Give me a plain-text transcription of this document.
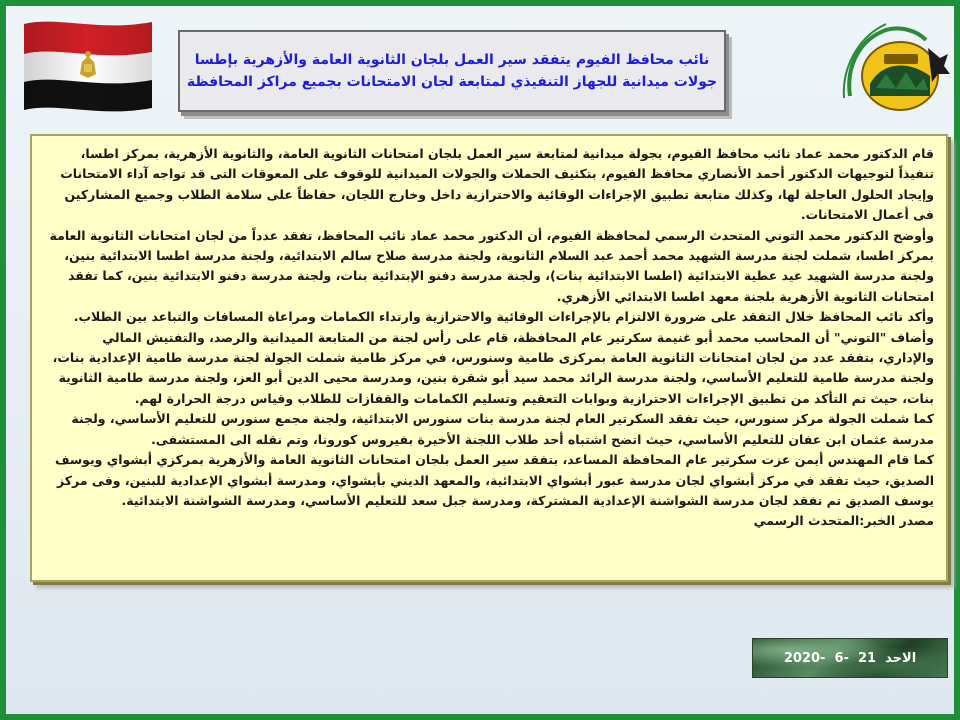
نائب محافظ الفيوم يتفقد سير العمل بلجان الثانوية العامة والأزهرية بإطسا
جولات ميدانية للجهاز التنفيذي لمتابعة لجان الامتحانات بجميع مراكز المحافظة

قام الدكتور محمد عماد نائب محافظ الفيوم، بجولة ميدانية لمتابعة سير العمل بلجان امتحانات الثانوية العامة، والثانوية الأزهرية، بمركز اطسا، تنفيذاً لتوجيهات الدكتور أحمد الأنصاري محافظ الفيوم، بتكثيف الحملات والجولات الميدانية للوقوف على المعوقات التى قد تواجه آداء الامتحانات وإيجاد الحلول العاجلة لها، وكذلك متابعة تطبيق الإجراءات الوقائية والاحترازية داخل وخارج اللجان، حفاظاً على سلامة الطلاب وجميع المشاركين فى أعمال الامتحانات.

وأوضح الدكتور محمد التوني المتحدث الرسمي لمحافظة الفيوم، أن الدكتور محمد عماد نائب المحافظ، تفقد عدداً من لجان امتحانات الثانوية العامة بمركز اطسا، شملت لجنة مدرسة الشهيد محمد أحمد عبد السلام الثانوية، ولجنة مدرسة صلاح سالم الابتدائية، ولجنة مدرسة اطسا الابتدائية بنين، ولجنة مدرسة الشهيد عيد عطية الابتدائية (اطسا الابتدائية بنات)، ولجنة مدرسة دفنو الإبتدائية بنات، ولجنة مدرسة دفنو الابتدائية بنين، كما تفقد امتحانات الثانوية الأزهرية بلجنة معهد اطسا الابتدائي الأزهري.

وأكد نائب المحافظ خلال التفقد على ضرورة الالتزام بالإجراءات الوقائية والاحترازية وارتداء الكمامات ومراعاة المسافات والتباعد بين الطلاب.

وأضاف "التوني" أن المحاسب محمد أبو غنيمة سكرتير عام المحافظة، قام على رأس لجنة من المتابعة الميدانية والرصد، والتفتيش المالي والإداري، بتفقد عدد من لجان امتحانات الثانوية العامة بمركزى طامية وسنورس، في مركز طامية شملت الجولة لجنة مدرسة طامية الإعدادية بنات، ولجنة مدرسة طامية للتعليم الأساسي، ولجنة مدرسة الرائد محمد سيد أبو شقرة بنين، ومدرسة محيى الدين أبو العز، ولجنة مدرسة طامية الثانوية بنات، حيث تم التأكد من تطبيق الإجراءات الاحترازية وبوابات التعقيم وتسليم الكمامات والقفازات للطلاب وقياس درجة الحرارة لهم.

كما شملت الجولة مركز سنورس، حيث تفقد السكرتير العام لجنة مدرسة بنات سنورس الابتدائية، ولجنة مجمع سنورس للتعليم الأساسي، ولجنة مدرسة عثمان ابن عفان للتعليم الأساسي، حيث اتضح اشتباه أحد طلاب اللجنة الأخيرة بفيروس كورونا، وتم نقله الى المستشفى.

كما قام المهندس أيمن عزت سكرتير عام المحافظة المساعد، بتفقد سير العمل بلجان امتحانات الثانوية العامة والأزهرية بمركزي أبشواي ويوسف الصديق، حيث تفقد في مركز أبشواي لجان مدرسة عبور أبشواي الابتدائية، والمعهد الديني بأبشواي، ومدرسة أبشواي الإعدادية للبنين، وفى مركز يوسف الصديق تم تفقد لجان مدرسة الشواشنة الإعدادية المشتركة، ومدرسة جبل سعد للتعليم الأساسي، ومدرسة الشواشنة الابتدائية.

مصدر الخبر:المتحدث الرسمي

الاحد  21  -6  -2020
